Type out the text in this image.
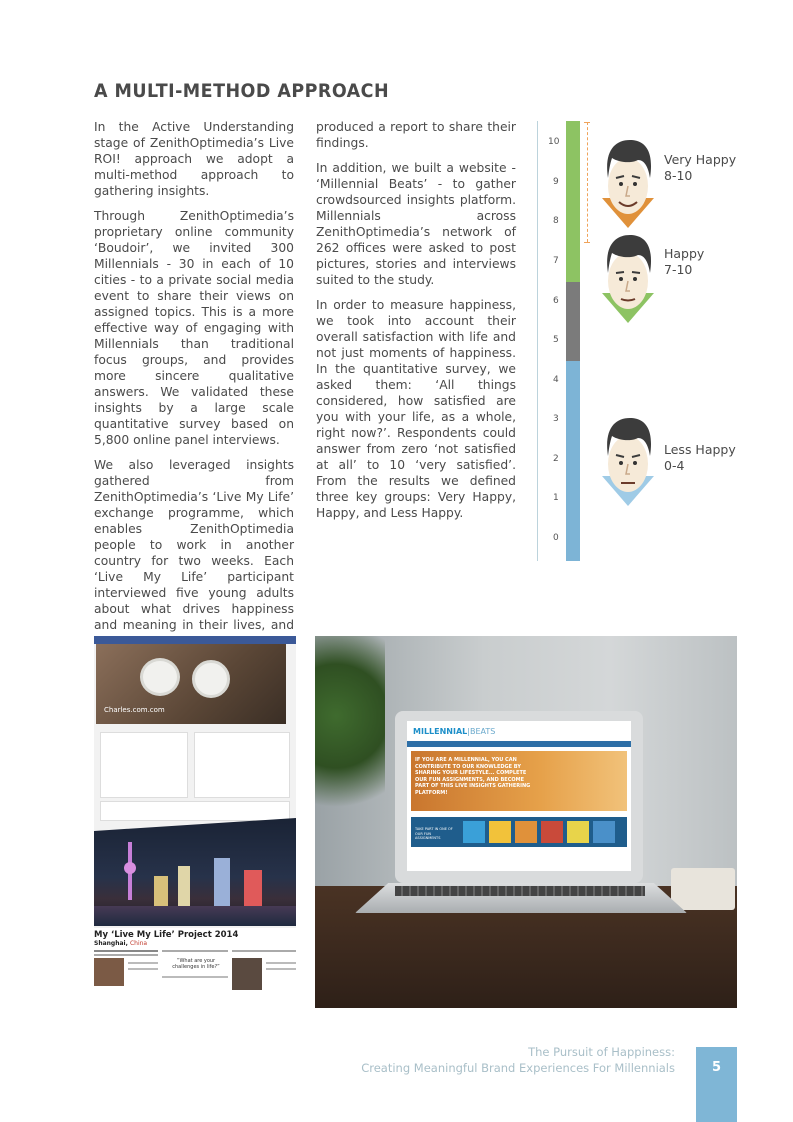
A MULTI-METHOD APPROACH

In the Active Understanding stage of ZenithOptimedia’s Live ROI! approach we adopt a multi-method approach to gathering insights.

Through ZenithOptimedia’s proprietary online community ‘Boudoir’, we invited 300 Millennials - 30 in each of 10 cities - to a private social media event to share their views on assigned topics. This is a more effective way of engaging with Millennials than traditional focus groups, and provides more sincere qualitative answers. We validated these insights by a large scale quantitative survey based on 5,800 online panel interviews.

We also leveraged insights gathered from ZenithOptimedia’s ‘Live My Life’ exchange programme, which enables ZenithOptimedia people to work in another country for two weeks. Each ‘Live My Life’ participant interviewed five young adults about what drives happiness and meaning in their lives, and

produced a report to share their findings.

In addition, we built a website - ‘Millennial Beats’ - to gather crowdsourced insights platform. Millennials across ZenithOptimedia’s network of 262 offices were asked to post pictures, stories and interviews suited to the study.

In order to measure happiness, we took into account their overall satisfaction with life and not just moments of happiness. In the quantitative survey, we asked them: ‘All things considered, how satisfied are you with your life, as a whole, right now?’. Respondents could answer from zero ‘not satisfied at all’ to 10 ‘very satisfied’. From the results we defined three key groups: Very Happy, Happy, and Less Happy.

10
9
8
7
6
5
4
3
2
1
0
Very Happy
8-10
Happy
7-10
Less Happy
0-4
Charles.com.com
My ‘Live My Life’ Project 2014
Shanghai, China
“What are your challenges in life?”
MILLENNIAL|BEATS
IF YOU ARE A MILLENNIAL, YOU CAN CONTRIBUTE TO OUR KNOWLEDGE BY SHARING YOUR LIFESTYLE... COMPLETE OUR FUN ASSIGNMENTS, AND BECOME PART OF THIS LIVE INSIGHTS GATHERING PLATFORM!
TAKE PART IN ONE OF OUR FUN ASSIGNMENTS
The Pursuit of Happiness:
Creating Meaningful Brand Experiences For Millennials	5
